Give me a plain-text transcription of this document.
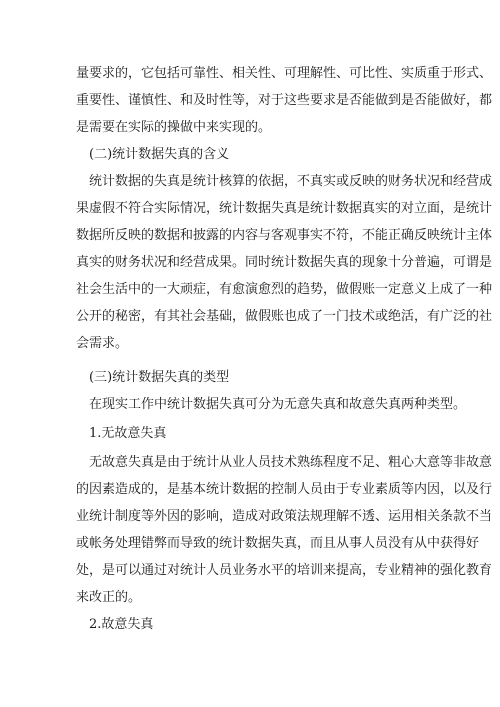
量要求的，它包括可靠性、相关性、可理解性、可比性、实质重于形式、
重要性、谨慎性、和及时性等，对于这些要求是否能做到是否能做好，都
是需要在实际的操做中来实现的。
(二)统计数据失真的含义
统计数据的失真是统计核算的依据，不真实或反映的财务状况和经营成
果虚假不符合实际情况，统计数据失真是统计数据真实的对立面，是统计
数据所反映的数据和披露的内容与客观事实不符，不能正确反映统计主体
真实的财务状况和经营成果。同时统计数据失真的现象十分普遍，可谓是
社会生活中的一大顽症，有愈演愈烈的趋势，做假账一定意义上成了一种
公开的秘密，有其社会基础，做假账也成了一门技术或绝活，有广泛的社
会需求。
(三)统计数据失真的类型
在现实工作中统计数据失真可分为无意失真和故意失真两种类型。
1.无故意失真
无故意失真是由于统计从业人员技术熟练程度不足、粗心大意等非故意
的因素造成的，是基本统计数据的控制人员由于专业素质等内因，以及行
业统计制度等外因的影响，造成对政策法规理解不透、运用相关条款不当
或帐务处理错弊而导致的统计数据失真，而且从事人员没有从中获得好
处，是可以通过对统计人员业务水平的培训来提高，专业精神的强化教育
来改正的。
2.故意失真
